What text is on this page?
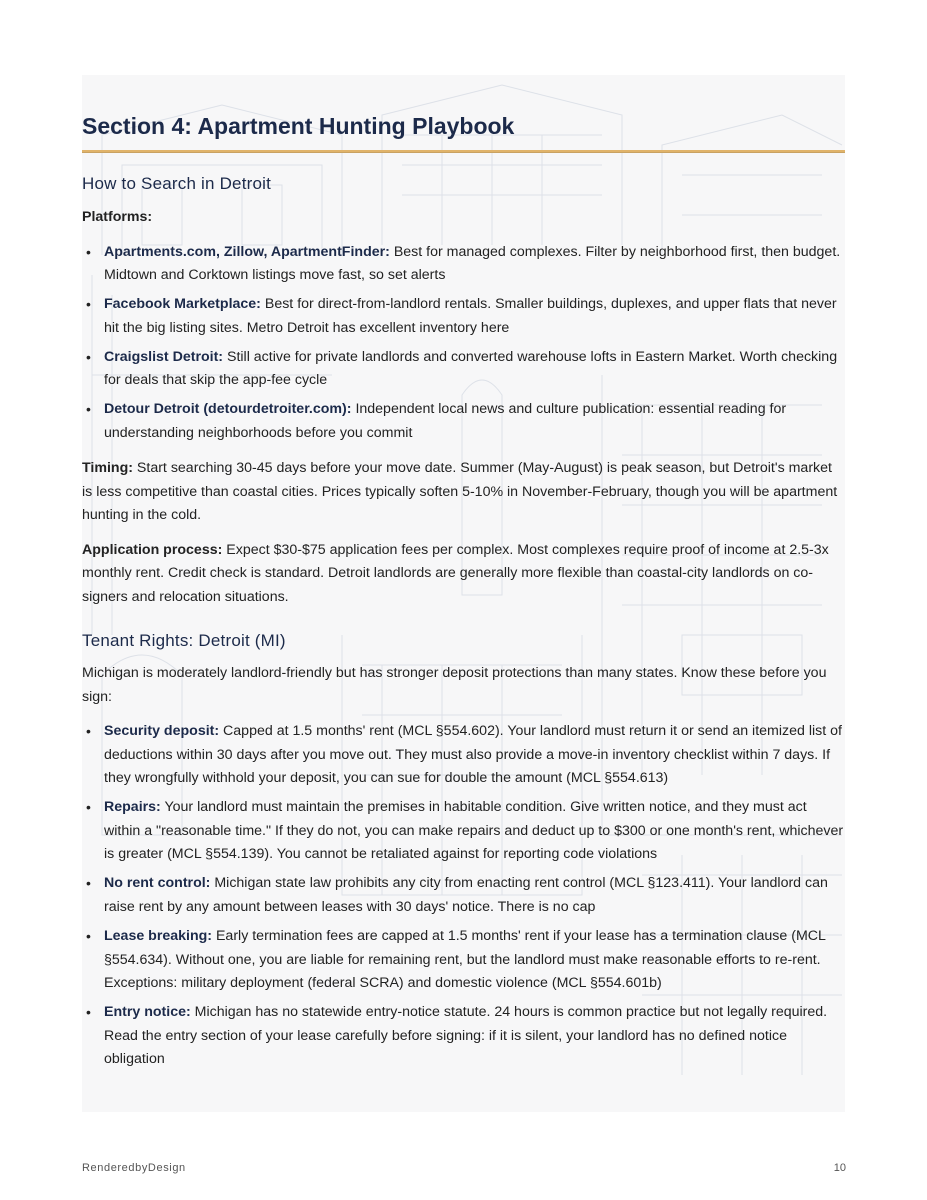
Section 4: Apartment Hunting Playbook
How to Search in Detroit

Platforms:

• Apartments.com, Zillow, ApartmentFinder: Best for managed complexes. Filter by neighborhood first, then budget. Midtown and Corktown listings move fast, so set alerts
• Facebook Marketplace: Best for direct-from-landlord rentals. Smaller buildings, duplexes, and upper flats that never hit the big listing sites. Metro Detroit has excellent inventory here
• Craigslist Detroit: Still active for private landlords and converted warehouse lofts in Eastern Market. Worth checking for deals that skip the app-fee cycle
• Detour Detroit (detourdetroiter.com): Independent local news and culture publication: essential reading for understanding neighborhoods before you commit

Timing: Start searching 30-45 days before your move date. Summer (May-August) is peak season, but Detroit's market is less competitive than coastal cities. Prices typically soften 5-10% in November-February, though you will be apartment hunting in the cold.

Application process: Expect $30-$75 application fees per complex. Most complexes require proof of income at 2.5-3x monthly rent. Credit check is standard. Detroit landlords are generally more flexible than coastal-city landlords on co-signers and relocation situations.

Tenant Rights: Detroit (MI)

Michigan is moderately landlord-friendly but has stronger deposit protections than many states. Know these before you sign:

• Security deposit: Capped at 1.5 months' rent (MCL §554.602). Your landlord must return it or send an itemized list of deductions within 30 days after you move out. They must also provide a move-in inventory checklist within 7 days. If they wrongfully withhold your deposit, you can sue for double the amount (MCL §554.613)
• Repairs: Your landlord must maintain the premises in habitable condition. Give written notice, and they must act within a "reasonable time." If they do not, you can make repairs and deduct up to $300 or one month's rent, whichever is greater (MCL §554.139). You cannot be retaliated against for reporting code violations
• No rent control: Michigan state law prohibits any city from enacting rent control (MCL §123.411). Your landlord can raise rent by any amount between leases with 30 days' notice. There is no cap
• Lease breaking: Early termination fees are capped at 1.5 months' rent if your lease has a termination clause (MCL §554.634). Without one, you are liable for remaining rent, but the landlord must make reasonable efforts to re-rent. Exceptions: military deployment (federal SCRA) and domestic violence (MCL §554.601b)
• Entry notice: Michigan has no statewide entry-notice statute. 24 hours is common practice but not legally required. Read the entry section of your lease carefully before signing: if it is silent, your landlord has no defined notice obligation
RenderedbyDesign	10
